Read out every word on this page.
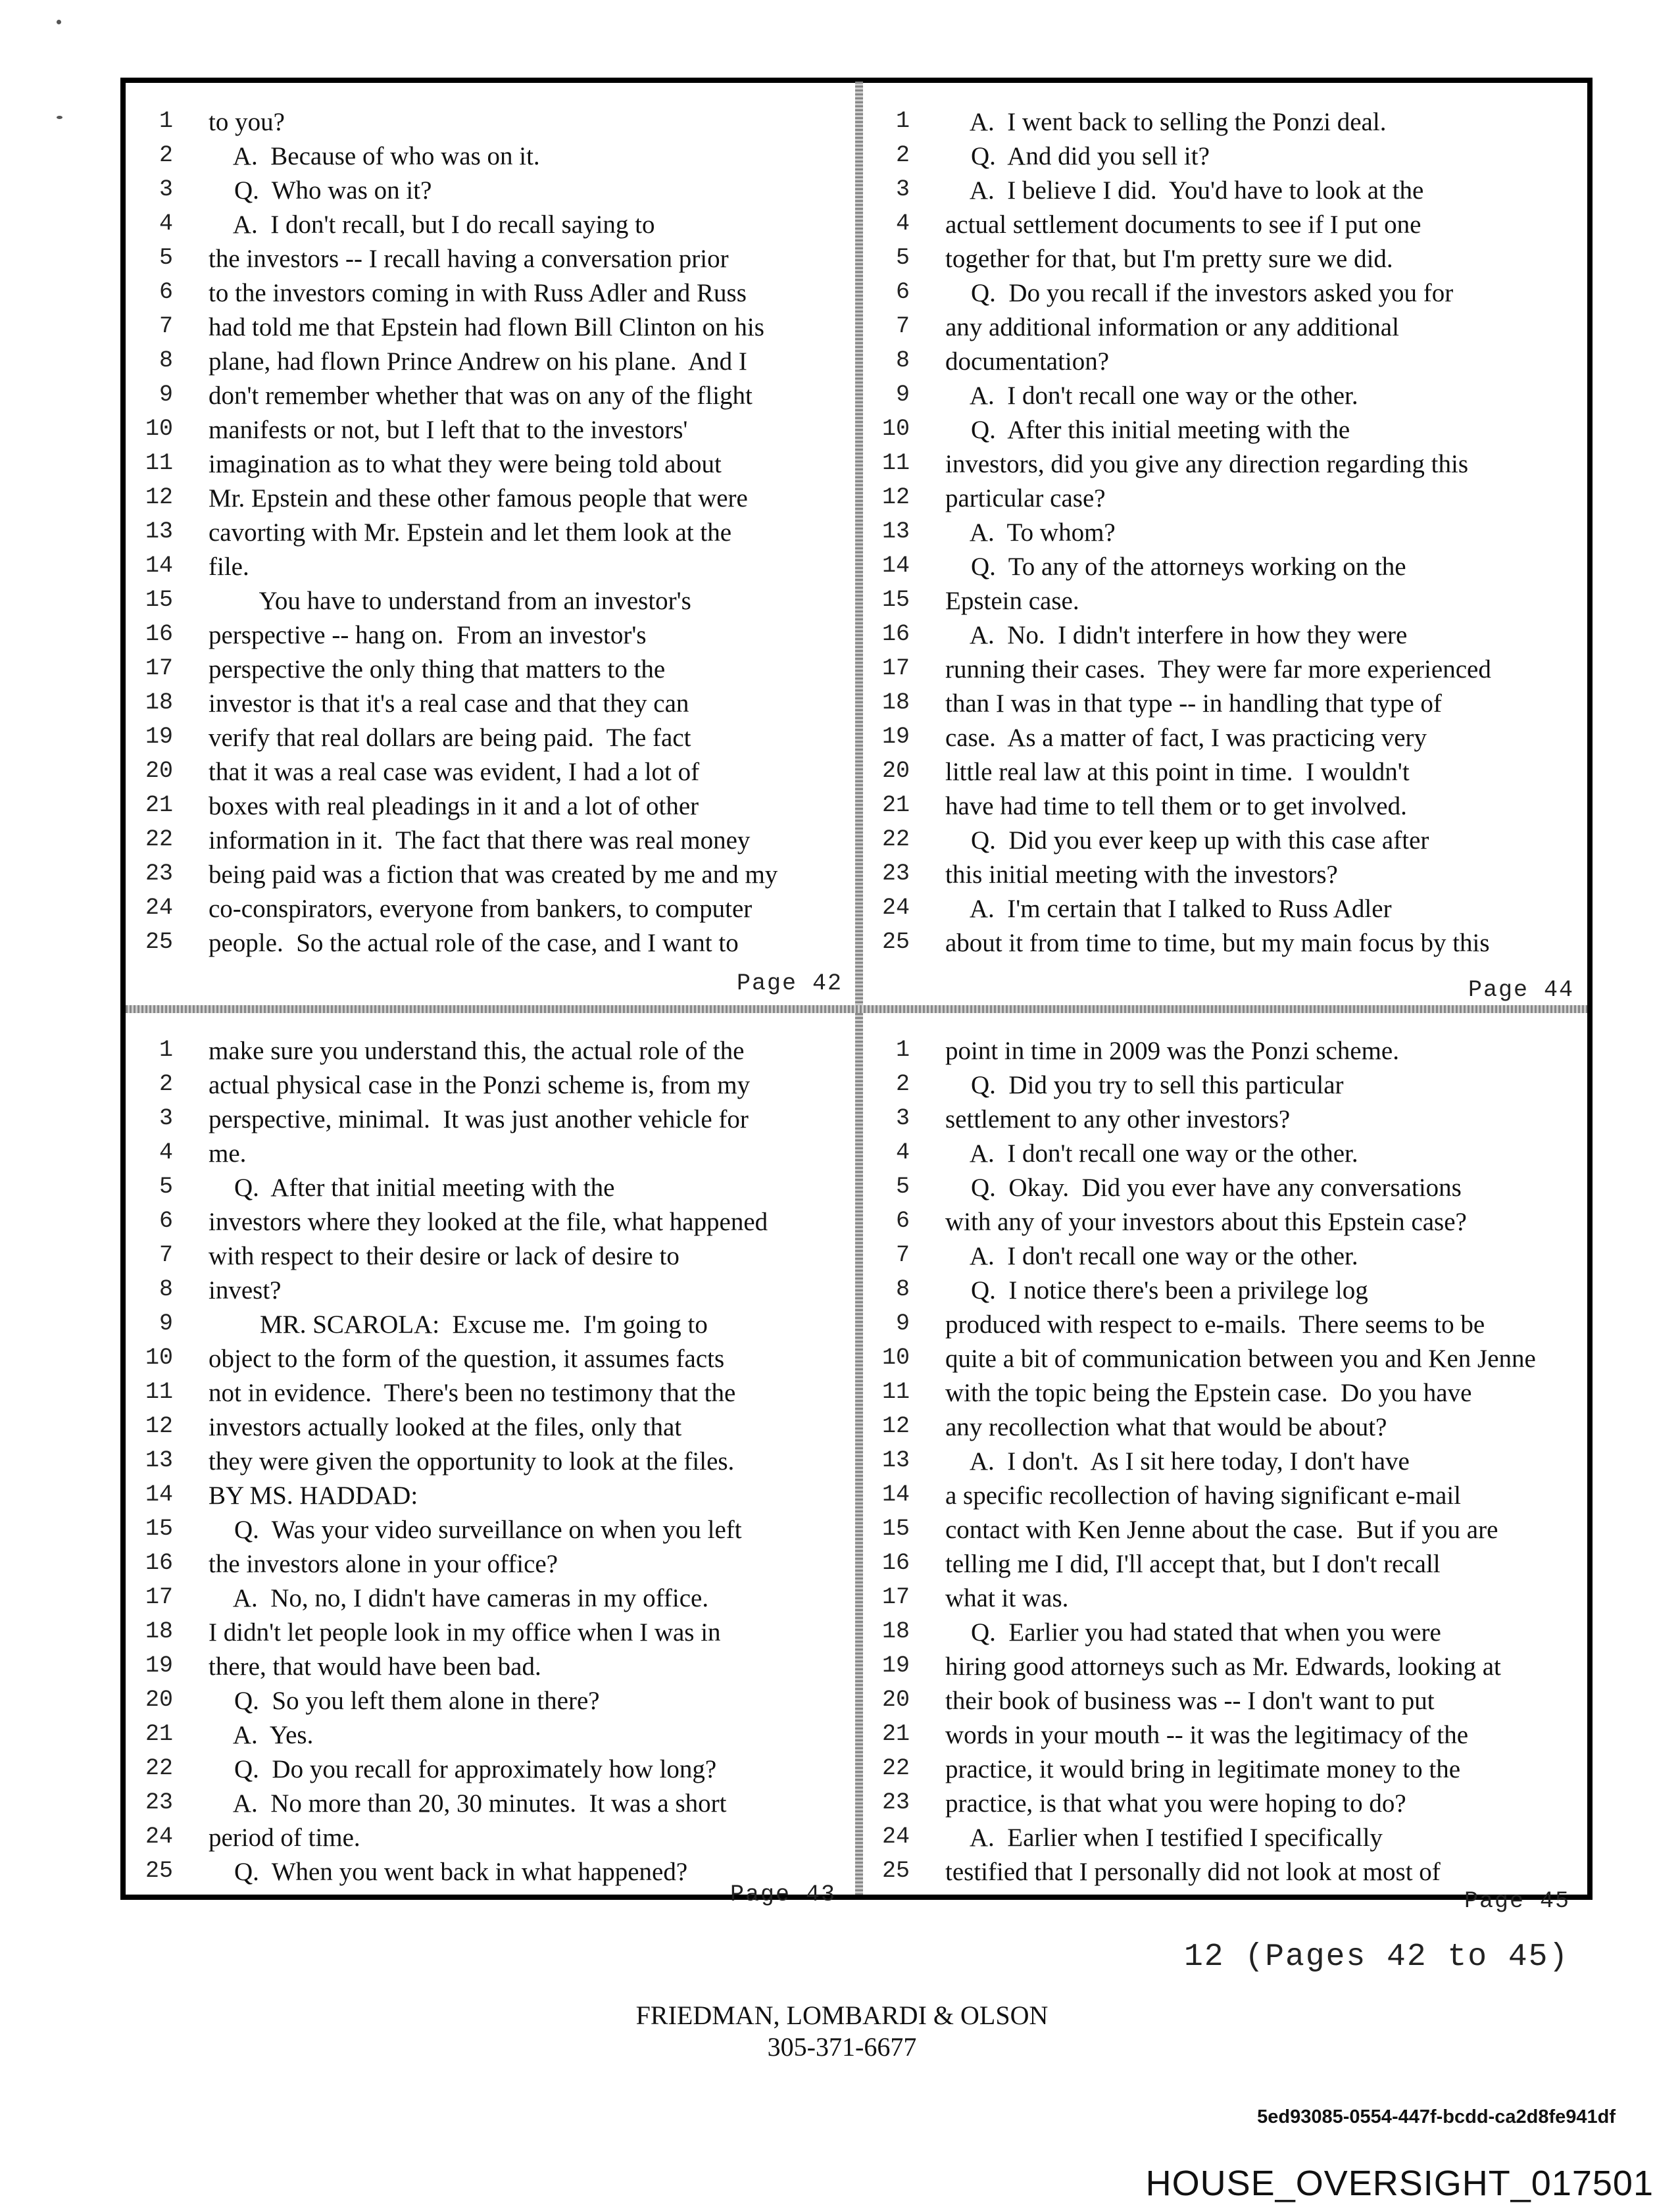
1 to you?
2 A.  Because of who was on it.
3 Q.  Who was on it?
4 A.  I don't recall, but I do recall saying to
5 the investors -- I recall having a conversation prior
6 to the investors coming in with Russ Adler and Russ
7 had told me that Epstein had flown Bill Clinton on his
8 plane, had flown Prince Andrew on his plane.  And I
9 don't remember whether that was on any of the flight
10 manifests or not, but I left that to the investors'
11 imagination as to what they were being told about
12 Mr. Epstein and these other famous people that were
13 cavorting with Mr. Epstein and let them look at the
14 file.
15 You have to understand from an investor's
16 perspective -- hang on.  From an investor's
17 perspective the only thing that matters to the
18 investor is that it's a real case and that they can
19 verify that real dollars are being paid.  The fact
20 that it was a real case was evident, I had a lot of
21 boxes with real pleadings in it and a lot of other
22 information in it.  The fact that there was real money
23 being paid was a fiction that was created by me and my
24 co-conspirators, everyone from bankers, to computer
25 people.  So the actual role of the case, and I want to
1 A.  I went back to selling the Ponzi deal.
2 Q.  And did you sell it?
3 A.  I believe I did.  You'd have to look at the
4 actual settlement documents to see if I put one
5 together for that, but I'm pretty sure we did.
6 Q.  Do you recall if the investors asked you for
7 any additional information or any additional
8 documentation?
9 A.  I don't recall one way or the other.
10 Q.  After this initial meeting with the
11 investors, did you give any direction regarding this
12 particular case?
13 A.  To whom?
14 Q.  To any of the attorneys working on the
15 Epstein case.
16 A.  No.  I didn't interfere in how they were
17 running their cases.  They were far more experienced
18 than I was in that type -- in handling that type of
19 case.  As a matter of fact, I was practicing very
20 little real law at this point in time.  I wouldn't
21 have had time to tell them or to get involved.
22 Q.  Did you ever keep up with this case after
23 this initial meeting with the investors?
24 A.  I'm certain that I talked to Russ Adler
25 about it from time to time, but my main focus by this
1 make sure you understand this, the actual role of the
2 actual physical case in the Ponzi scheme is, from my
3 perspective, minimal.  It was just another vehicle for
4 me.
5 Q.  After that initial meeting with the
6 investors where they looked at the file, what happened
7 with respect to their desire or lack of desire to
8 invest?
9 MR. SCAROLA:  Excuse me.  I'm going to
10 object to the form of the question, it assumes facts
11 not in evidence.  There's been no testimony that the
12 investors actually looked at the files, only that
13 they were given the opportunity to look at the files.
14 BY MS. HADDAD:
15 Q.  Was your video surveillance on when you left
16 the investors alone in your office?
17 A.  No, no, I didn't have cameras in my office.
18 I didn't let people look in my office when I was in
19 there, that would have been bad.
20 Q.  So you left them alone in there?
21 A.  Yes.
22 Q.  Do you recall for approximately how long?
23 A.  No more than 20, 30 minutes.  It was a short
24 period of time.
25 Q.  When you went back in what happened?
1 point in time in 2009 was the Ponzi scheme.
2 Q.  Did you try to sell this particular
3 settlement to any other investors?
4 A.  I don't recall one way or the other.
5 Q.  Okay.  Did you ever have any conversations
6 with any of your investors about this Epstein case?
7 A.  I don't recall one way or the other.
8 Q.  I notice there's been a privilege log
9 produced with respect to e-mails.  There seems to be
10 quite a bit of communication between you and Ken Jenne
11 with the topic being the Epstein case.  Do you have
12 any recollection what that would be about?
13 A.  I don't.  As I sit here today, I don't have
14 a specific recollection of having significant e-mail
15 contact with Ken Jenne about the case.  But if you are
16 telling me I did, I'll accept that, but I don't recall
17 what it was.
18 Q.  Earlier you had stated that when you were
19 hiring good attorneys such as Mr. Edwards, looking at
20 their book of business was -- I don't want to put
21 words in your mouth -- it was the legitimacy of the
22 practice, it would bring in legitimate money to the
23 practice, is that what you were hoping to do?
24 A.  Earlier when I testified I specifically
25 testified that I personally did not look at most of
Page 42	Page 44
Page 43	Page 45
12 (Pages 42 to 45)
FRIEDMAN, LOMBARDI & OLSON
305-371-6677
5ed93085-0554-447f-bcdd-ca2d8fe941df
HOUSE_OVERSIGHT_017501
